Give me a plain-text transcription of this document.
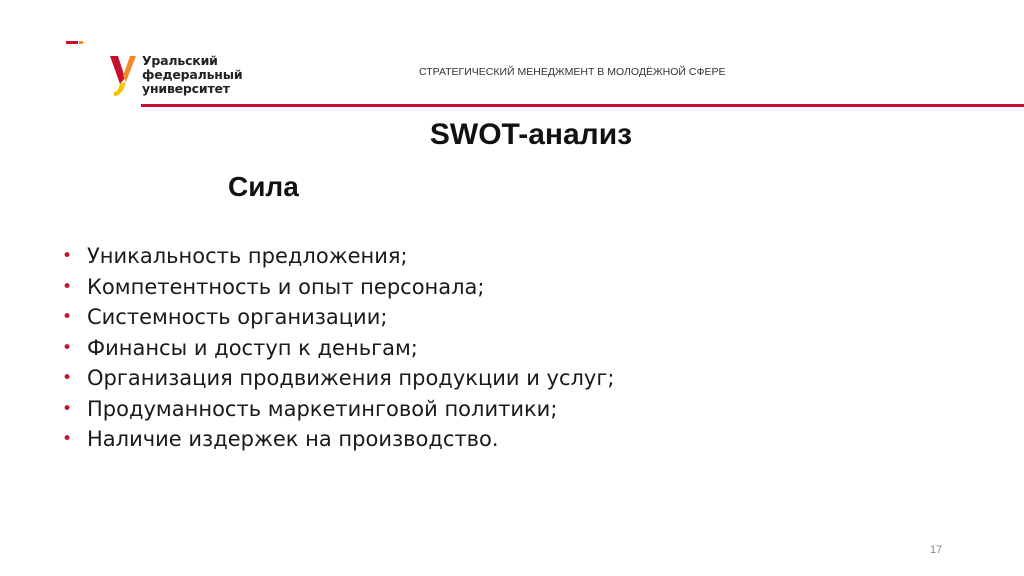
Уральский
федеральный
университет
СТРАТЕГИЧЕСКИЙ МЕНЕДЖМЕНТ В МОЛОДЁЖНОЙ СФЕРЕ
SWOT-анализ
Сила
• Уникальность предложения;
• Компетентность и опыт персонала;
• Системность организации;
• Финансы и доступ к деньгам;
• Организация продвижения продукции и услуг;
• Продуманность маркетинговой политики;
• Наличие издержек на производство.
17
